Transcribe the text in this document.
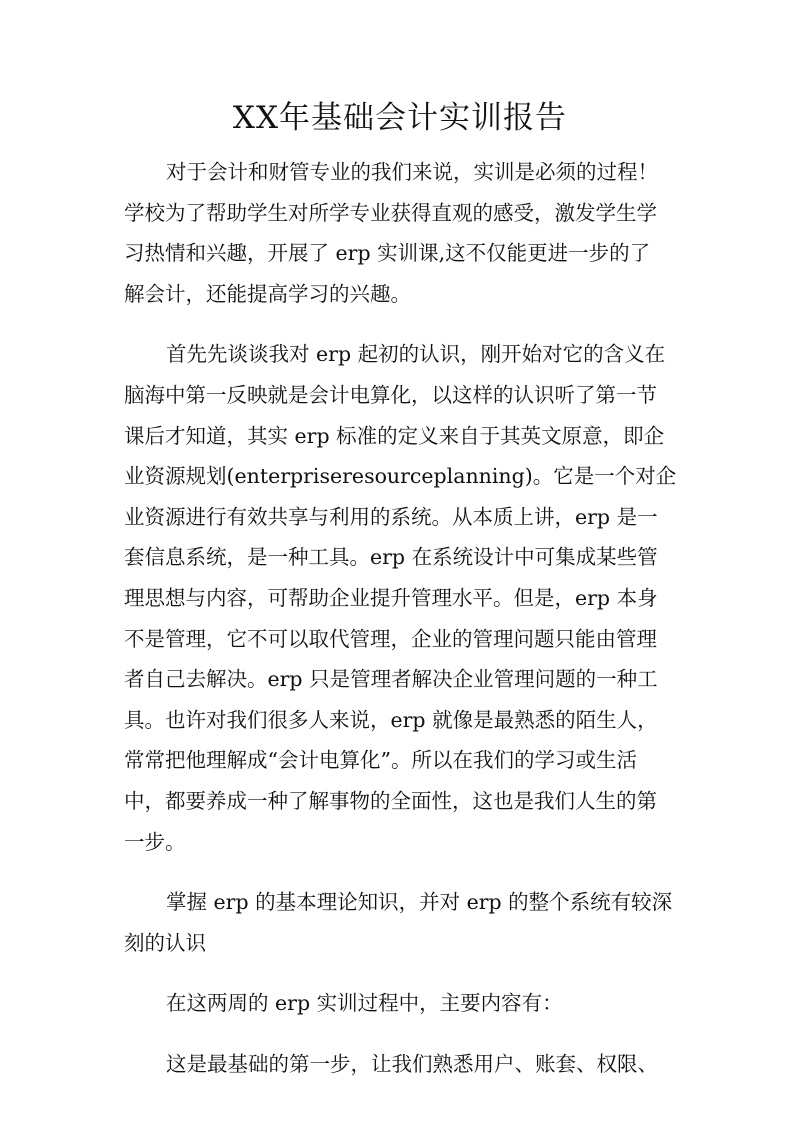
XX年基础会计实训报告
对于会计和财管专业的我们来说，实训是必须的过程！
学校为了帮助学生对所学专业获得直观的感受，激发学生学
习热情和兴趣，开展了 erp 实训课,这不仅能更进一步的了
解会计，还能提高学习的兴趣。
首先先谈谈我对 erp 起初的认识，刚开始对它的含义在
脑海中第一反映就是会计电算化，以这样的认识听了第一节
课后才知道，其实 erp 标准的定义来自于其英文原意，即企
业资源规划(enterpriseresourceplanning)。它是一个对企
业资源进行有效共享与利用的系统。从本质上讲，erp 是一
套信息系统，是一种工具。erp 在系统设计中可集成某些管
理思想与内容，可帮助企业提升管理水平。但是，erp 本身
不是管理，它不可以取代管理，企业的管理问题只能由管理
者自己去解决。erp 只是管理者解决企业管理问题的一种工
具。也许对我们很多人来说，erp 就像是最熟悉的陌生人，
常常把他理解成“会计电算化”。所以在我们的学习或生活
中，都要养成一种了解事物的全面性，这也是我们人生的第
一步。
掌握 erp 的基本理论知识，并对 erp 的整个系统有较深
刻的认识
在这两周的 erp 实训过程中，主要内容有：
这是最基础的第一步，让我们熟悉用户、账套、权限、
